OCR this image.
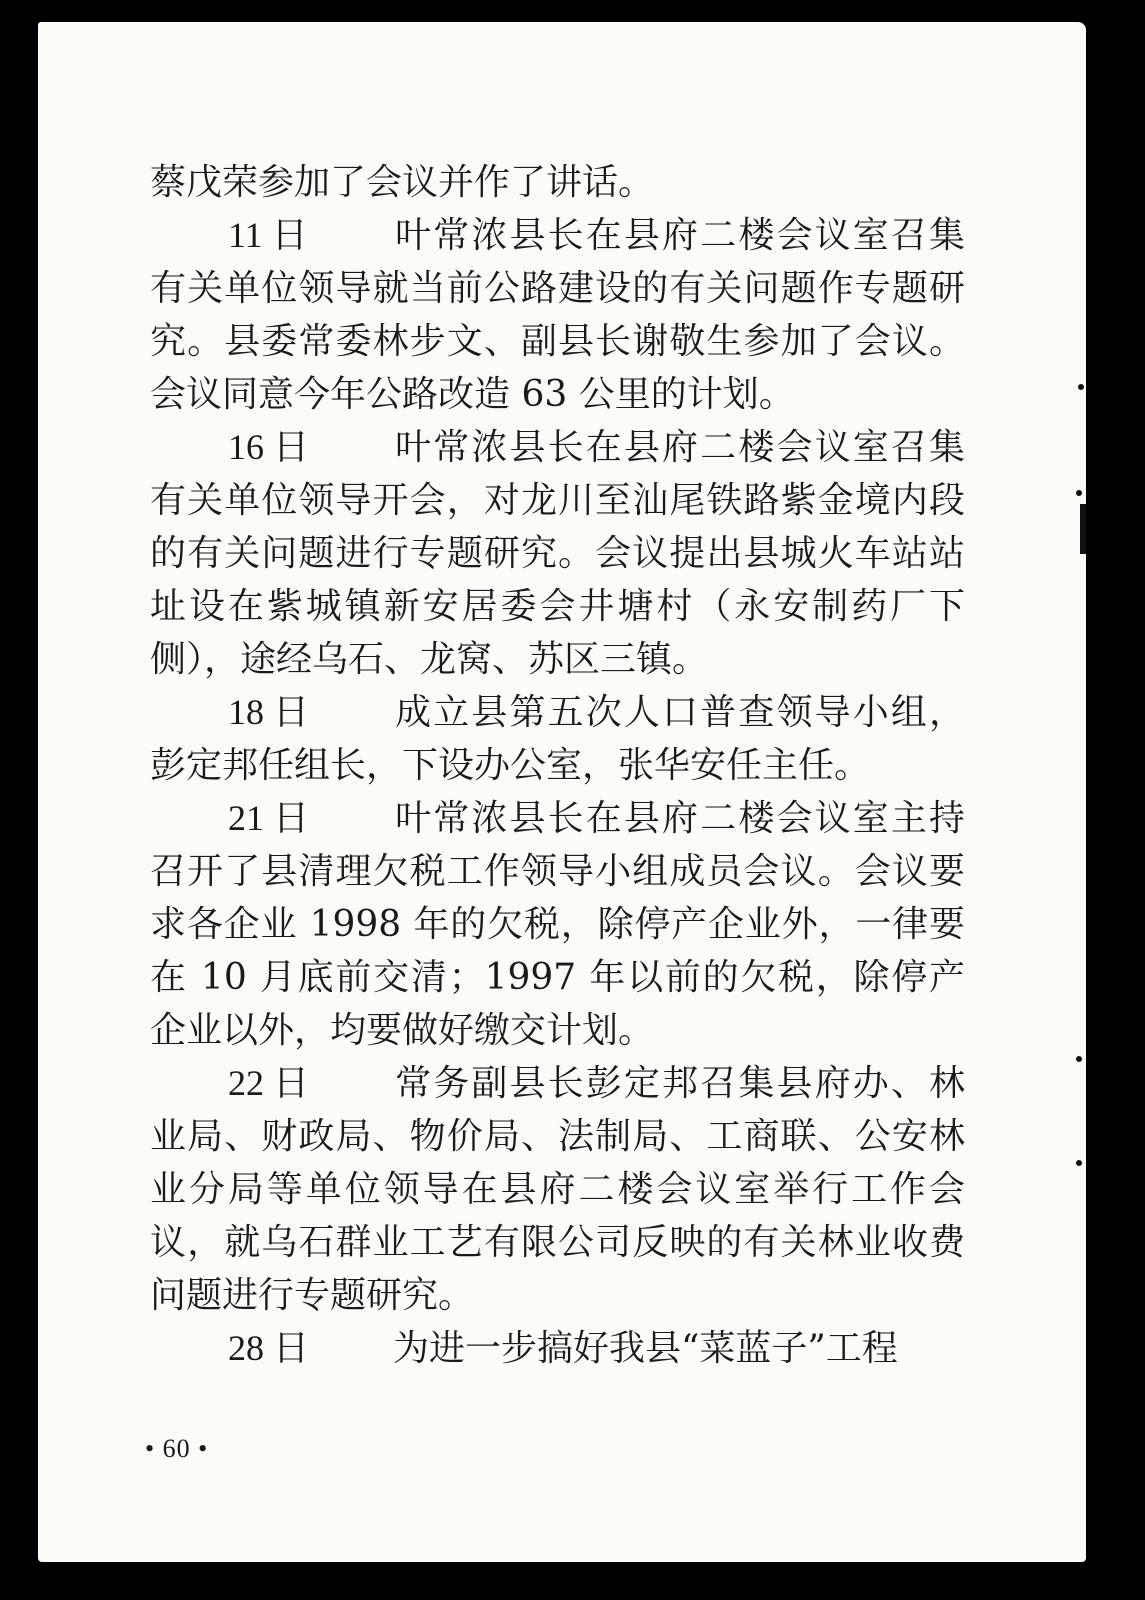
蔡戊荣参加了会议并作了讲话。

11 日 叶常浓县长在县府二楼会议室召集有关单位领导就当前公路建设的有关问题作专题研究。县委常委林步文、副县长谢敬生参加了会议。会议同意今年公路改造 63 公里的计划。

16 日 叶常浓县长在县府二楼会议室召集有关单位领导开会，对龙川至汕尾铁路紫金境内段的有关问题进行专题研究。会议提出县城火车站站址设在紫城镇新安居委会井塘村（永安制药厂下侧），途经乌石、龙窝、苏区三镇。

18 日 成立县第五次人口普查领导小组，彭定邦任组长，下设办公室，张华安任主任。

21 日 叶常浓县长在县府二楼会议室主持召开了县清理欠税工作领导小组成员会议。会议要求各企业 1998 年的欠税，除停产企业外，一律要在 10 月底前交清；1997 年以前的欠税，除停产企业以外，均要做好缴交计划。

22 日 常务副县长彭定邦召集县府办、林业局、财政局、物价局、法制局、工商联、公安林业分局等单位领导在县府二楼会议室举行工作会议，就乌石群业工艺有限公司反映的有关林业收费问题进行专题研究。

28 日 为进一步搞好我县“菜蓝子”工程

• 60 •
